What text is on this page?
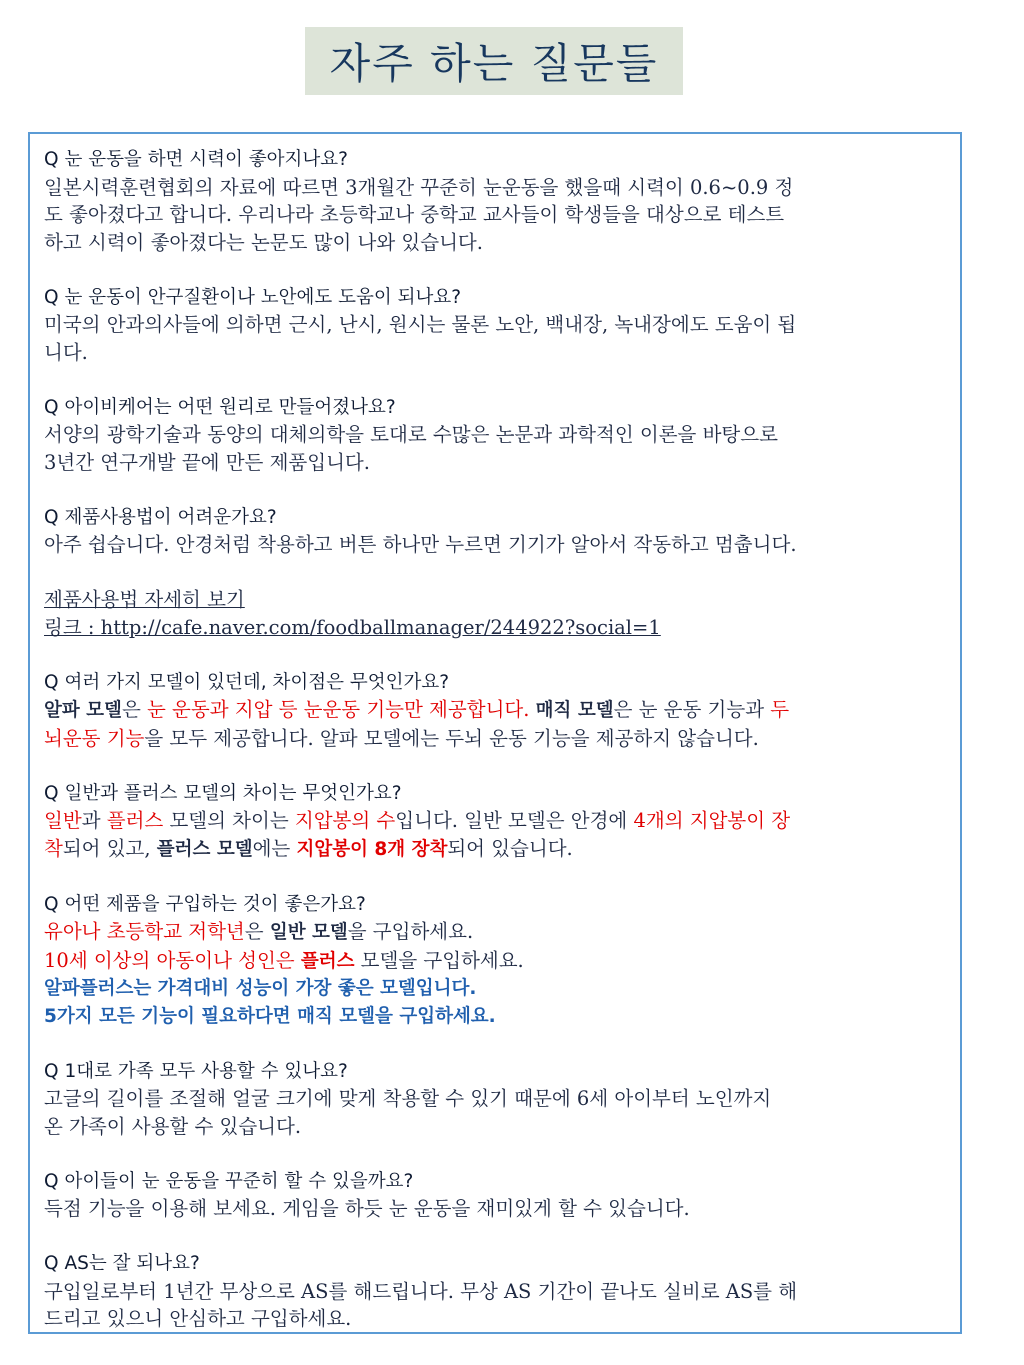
자주 하는 질문들
Q 눈 운동을 하면 시력이 좋아지나요?
일본시력훈련협회의 자료에 따르면 3개월간 꾸준히 눈운동을 했을때 시력이 0.6~0.9 정
도 좋아졌다고 합니다. 우리나라 초등학교나 중학교 교사들이 학생들을 대상으로 테스트
하고 시력이 좋아졌다는 논문도 많이 나와 있습니다.
Q 눈 운동이 안구질환이나 노안에도 도움이 되나요?
미국의 안과의사들에 의하면 근시, 난시, 원시는 물론 노안, 백내장, 녹내장에도 도움이 됩
니다.
Q 아이비케어는 어떤 원리로 만들어졌나요?
서양의 광학기술과 동양의 대체의학을 토대로 수많은 논문과 과학적인 이론을 바탕으로
3년간 연구개발 끝에 만든 제품입니다.
Q 제품사용법이 어려운가요?
아주 쉽습니다. 안경처럼 착용하고 버튼 하나만 누르면 기기가 알아서 작동하고 멈춥니다.
제품사용법 자세히 보기
링크 : http://cafe.naver.com/foodballmanager/244922?social=1
Q 여러 가지 모델이 있던데, 차이점은 무엇인가요?
알파 모델은 눈 운동과 지압 등 눈운동 기능만 제공합니다. 매직 모델은 눈 운동 기능과 두
뇌운동 기능을 모두 제공합니다. 알파 모델에는 두뇌 운동 기능을 제공하지 않습니다.
Q 일반과 플러스 모델의 차이는 무엇인가요?
일반과 플러스 모델의 차이는 지압봉의 수입니다. 일반 모델은 안경에 4개의 지압봉이 장
착되어 있고, 플러스 모델에는 지압봉이 8개 장착되어 있습니다.
Q 어떤 제품을 구입하는 것이 좋은가요?
유아나 초등학교 저학년은 일반 모델을 구입하세요.
10세 이상의 아동이나 성인은 플러스 모델을 구입하세요.
알파플러스는 가격대비 성능이 가장 좋은 모델입니다.
5가지 모든 기능이 필요하다면 매직 모델을 구입하세요.
Q 1대로 가족 모두 사용할 수 있나요?
고글의 길이를 조절해 얼굴 크기에 맞게 착용할 수 있기 때문에 6세 아이부터 노인까지
온 가족이 사용할 수 있습니다.
Q 아이들이 눈 운동을 꾸준히 할 수 있을까요?
득점 기능을 이용해 보세요. 게임을 하듯 눈 운동을 재미있게 할 수 있습니다.
Q AS는 잘 되나요?
구입일로부터 1년간 무상으로 AS를 해드립니다. 무상 AS 기간이 끝나도 실비로 AS를 해
드리고 있으니 안심하고 구입하세요.
